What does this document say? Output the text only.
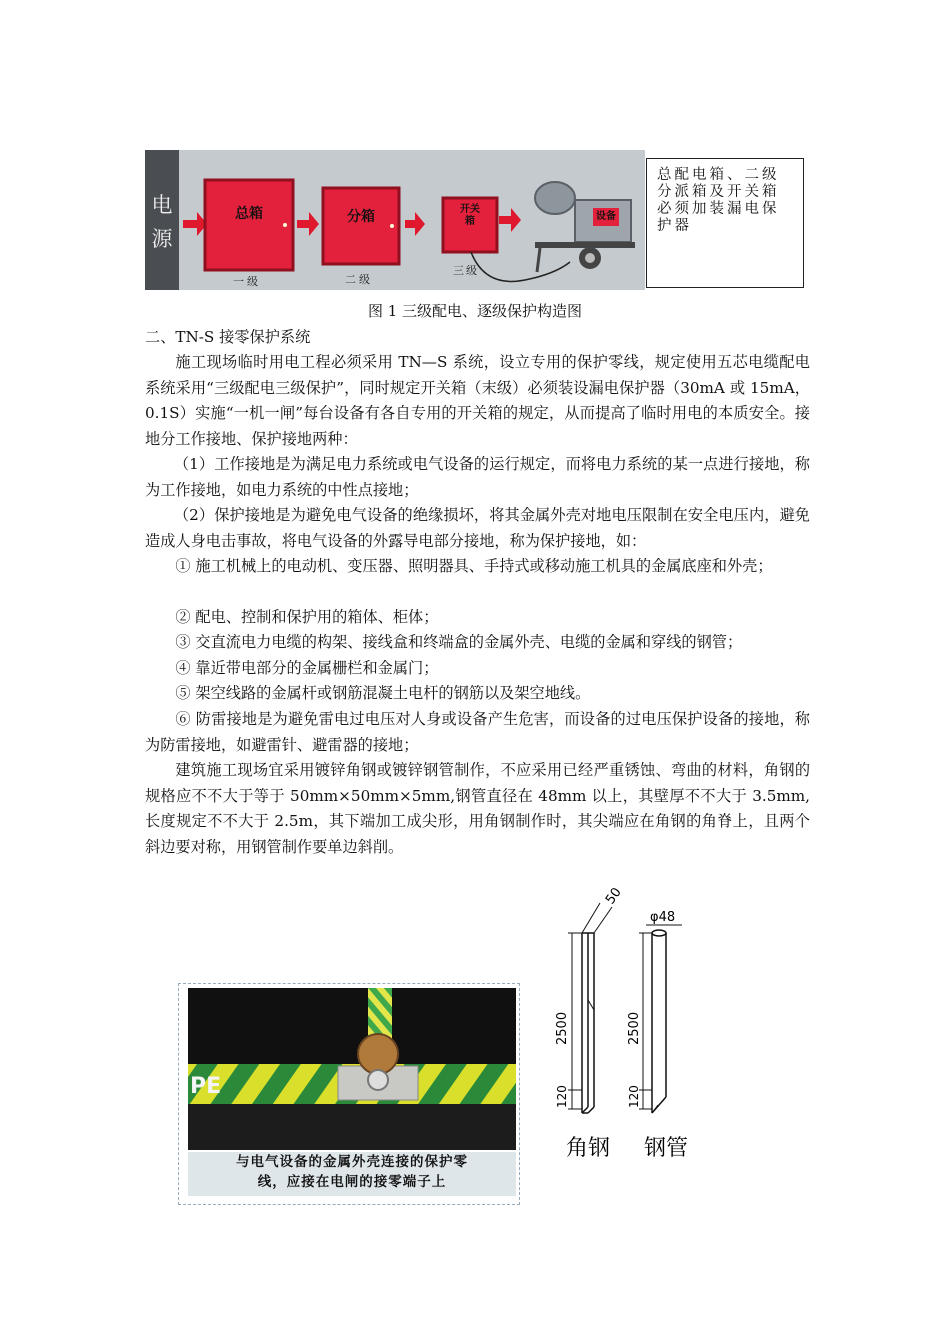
电源
总箱	分箱	开关箱	设备
一级	二级
三级
总配电箱、二级分派箱及开关箱必须加装漏电保护器
图 1 三级配电、逐级保护构造图
二、TN-S 接零保护系统
施工现场临时用电工程必须采用 TN—S 系统，设立专用的保护零线，规定使用五芯电缆配电系统采用“三级配电三级保护”，同时规定开关箱（末级）必须装设漏电保护器（30mA 或 15mA，0.1S）实施“一机一闸”每台设备有各自专用的开关箱的规定，从而提高了临时用电的本质安全。接地分工作接地、保护接地两种：
（1）工作接地是为满足电力系统或电气设备的运行规定，而将电力系统的某一点进行接地，称为工作接地，如电力系统的中性点接地；
（2）保护接地是为避免电气设备的绝缘损坏，将其金属外壳对地电压限制在安全电压内，避免造成人身电击事故，将电气设备的外露导电部分接地，称为保护接地，如：
① 施工机械上的电动机、变压器、照明器具、手持式或移动施工机具的金属底座和外壳；
② 配电、控制和保护用的箱体、柜体；
③ 交直流电力电缆的构架、接线盒和终端盒的金属外壳、电缆的金属和穿线的钢管；
④ 靠近带电部分的金属栅栏和金属门；
⑤ 架空线路的金属杆或钢筋混凝土电杆的钢筋以及架空地线。
⑥ 防雷接地是为避免雷电过电压对人身或设备产生危害，而设备的过电压保护设备的接地，称为防雷接地，如避雷针、避雷器的接地；
建筑施工现场宜采用镀锌角钢或镀锌钢管制作，不应采用已经严重锈蚀、弯曲的材料，角钢的规格应不不大于等于 50mm×50mm×5mm,钢管直径在 48mm 以上，其壁厚不不大于 3.5mm,长度规定不不大于 2.5m，其下端加工成尖形，用角钢制作时，其尖端应在角钢的角脊上，且两个斜边要对称，用钢管制作要单边斜削。
PE
与电气设备的金属外壳连接的保护零
线，应接在电闸的接零端子上
50
φ48
2500
120
2500
120
角钢 钢管
